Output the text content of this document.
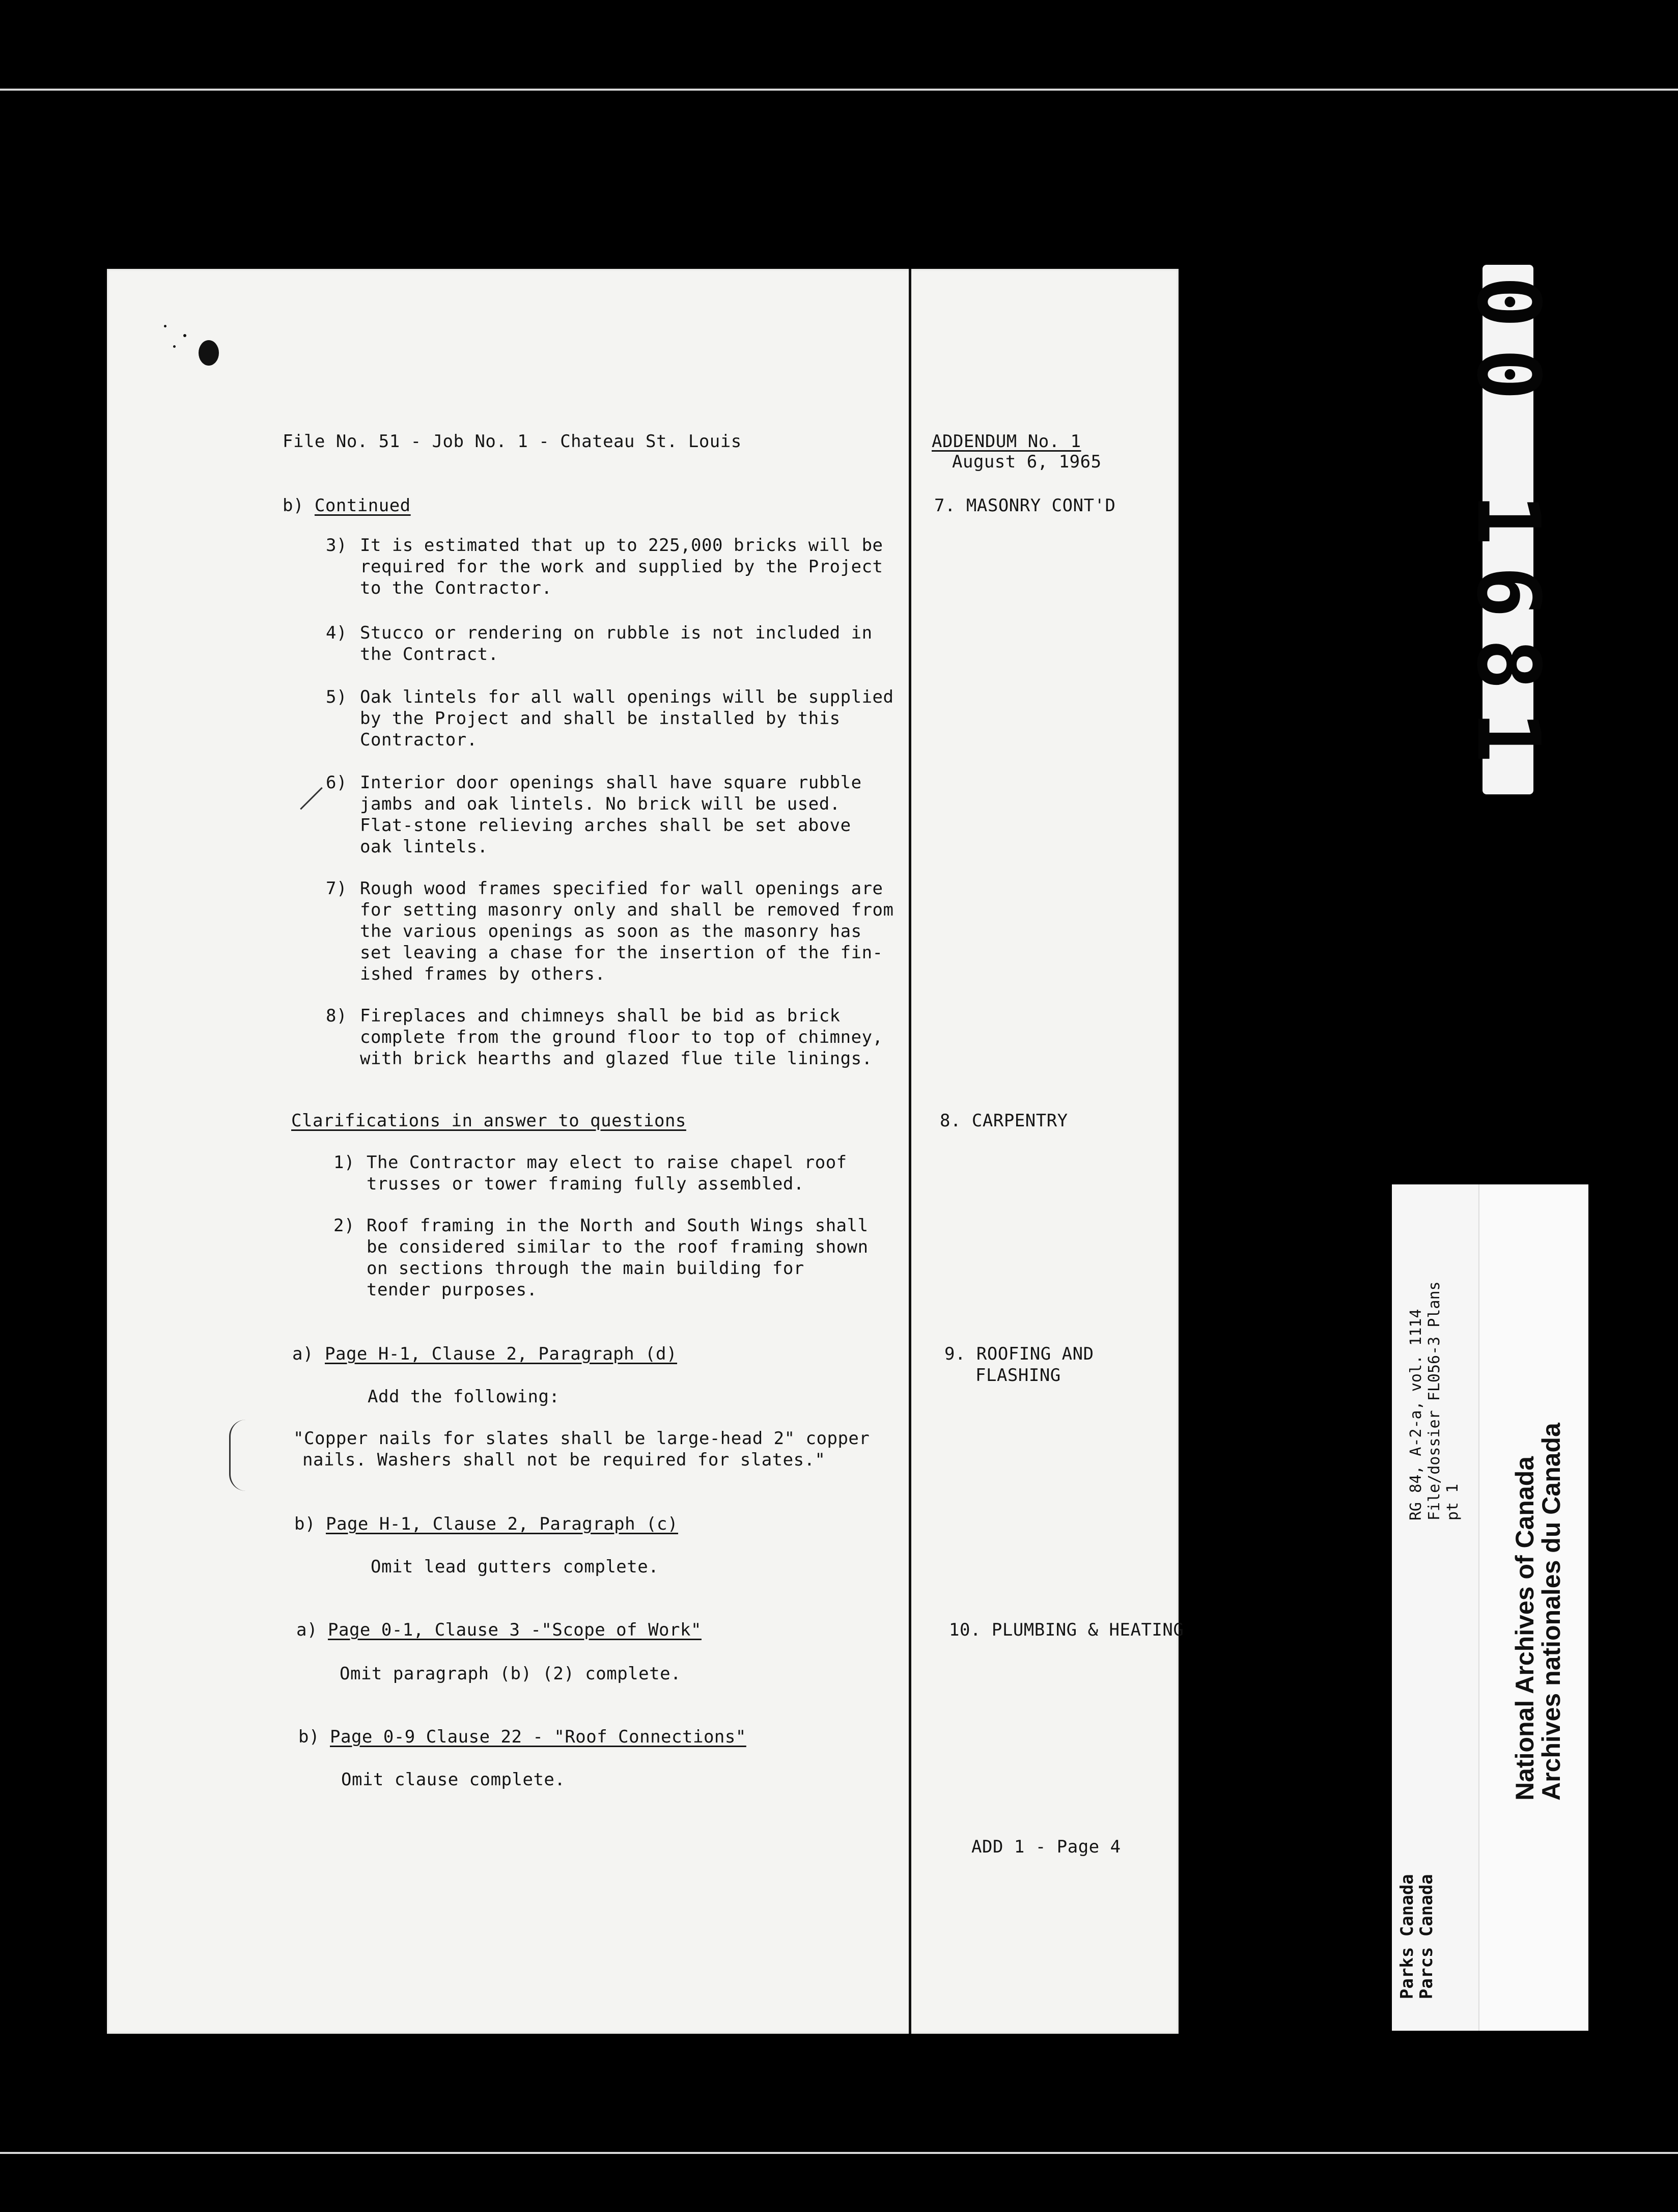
File No. 51 - Job No. 1 - Chateau St. Louis	ADDENDUM No. 1
August 6, 1965
b) Continued	7. MASONRY CONT'D
3) It is estimated that up to 225,000 bricks will be
required for the work and supplied by the Project
to the Contractor.
4) Stucco or rendering on rubble is not included in
the Contract.
5) Oak lintels for all wall openings will be supplied
by the Project and shall be installed by this
Contractor.
6) Interior door openings shall have square rubble
jambs and oak lintels. No brick will be used.
Flat-stone relieving arches shall be set above
oak lintels.
7) Rough wood frames specified for wall openings are
for setting masonry only and shall be removed from
the various openings as soon as the masonry has
set leaving a chase for the insertion of the fin-
ished frames by others.
8) Fireplaces and chimneys shall be bid as brick
complete from the ground floor to top of chimney,
with brick hearths and glazed flue tile linings.
Clarifications in answer to questions	8. CARPENTRY
1) The Contractor may elect to raise chapel roof
trusses or tower framing fully assembled.
2) Roof framing in the North and South Wings shall
be considered similar to the roof framing shown
on sections through the main building for
tender purposes.
a) Page H-1, Clause 2, Paragraph (d)	9. ROOFING AND
FLASHING
Add the following:
"Copper nails for slates shall be large-head 2" copper
nails. Washers shall not be required for slates."
b) Page H-1, Clause 2, Paragraph (c)
Omit lead gutters complete.
a) Page 0-1, Clause 3 -"Scope of Work"	10. PLUMBING & HEATING
Omit paragraph (b) (2) complete.
b) Page 0-9 Clause 22 - "Roof Connections"
Omit clause complete.
ADD 1 - Page 4
00 1681
Parks Canada
Parcs Canada
RG 84, A-2-a, vol. 1114 File/dossier FL056-3 Plans pt 1 National Archives of Canada
Archives nationales du Canada
